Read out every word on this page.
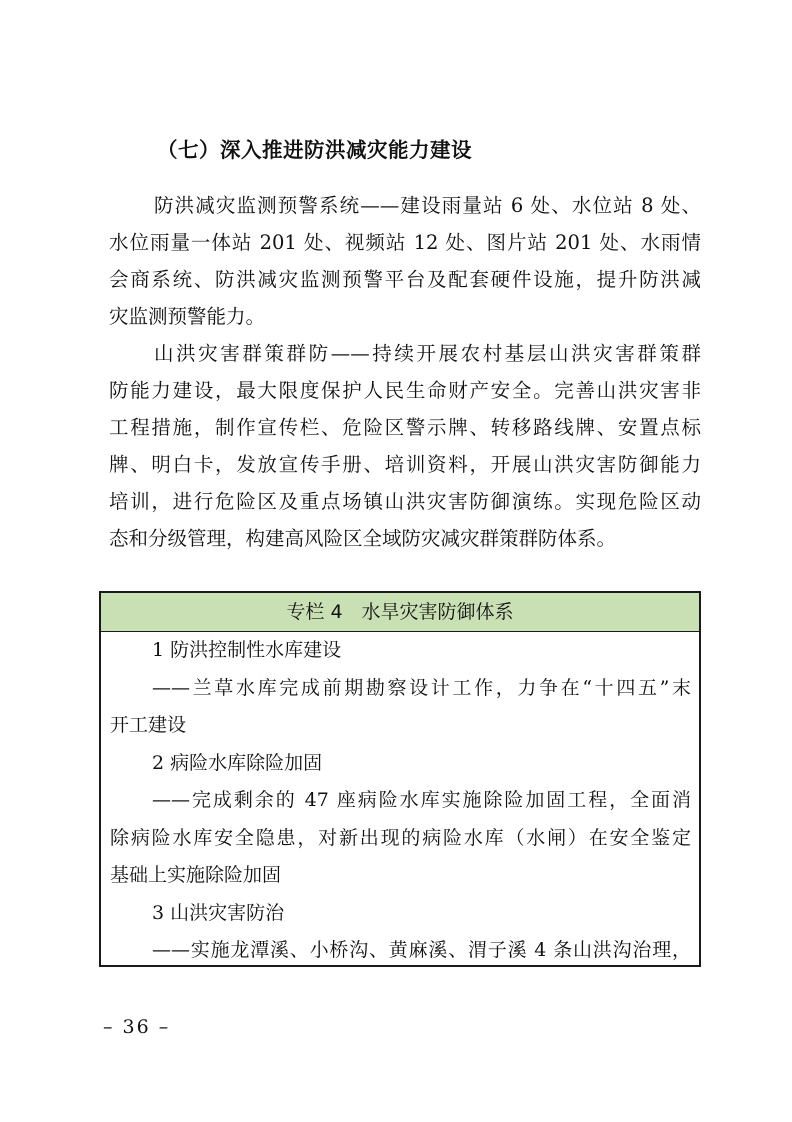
（七）深入推进防洪减灾能力建设
防洪减灾监测预警系统——建设雨量站 6 处、水位站 8 处、
水位雨量一体站 201 处、视频站 12 处、图片站 201 处、水雨情
会商系统、防洪减灾监测预警平台及配套硬件设施，提升防洪减
灾监测预警能力。
山洪灾害群策群防——持续开展农村基层山洪灾害群策群
防能力建设，最大限度保护人民生命财产安全。完善山洪灾害非
工程措施，制作宣传栏、危险区警示牌、转移路线牌、安置点标
牌、明白卡，发放宣传手册、培训资料，开展山洪灾害防御能力
培训，进行危险区及重点场镇山洪灾害防御演练。实现危险区动
态和分级管理，构建高风险区全域防灾减灾群策群防体系。
专栏 4　水旱灾害防御体系
1 防洪控制性水库建设
——兰草水库完成前期勘察设计工作，力争在“十四五”末
开工建设
2 病险水库除险加固
——完成剩余的 47 座病险水库实施除险加固工程，全面消
除病险水库安全隐患，对新出现的病险水库（水闸）在安全鉴定
基础上实施除险加固
3 山洪灾害防治
——实施龙潭溪、小桥沟、黄麻溪、渭子溪 4 条山洪沟治理，
– 36 –
